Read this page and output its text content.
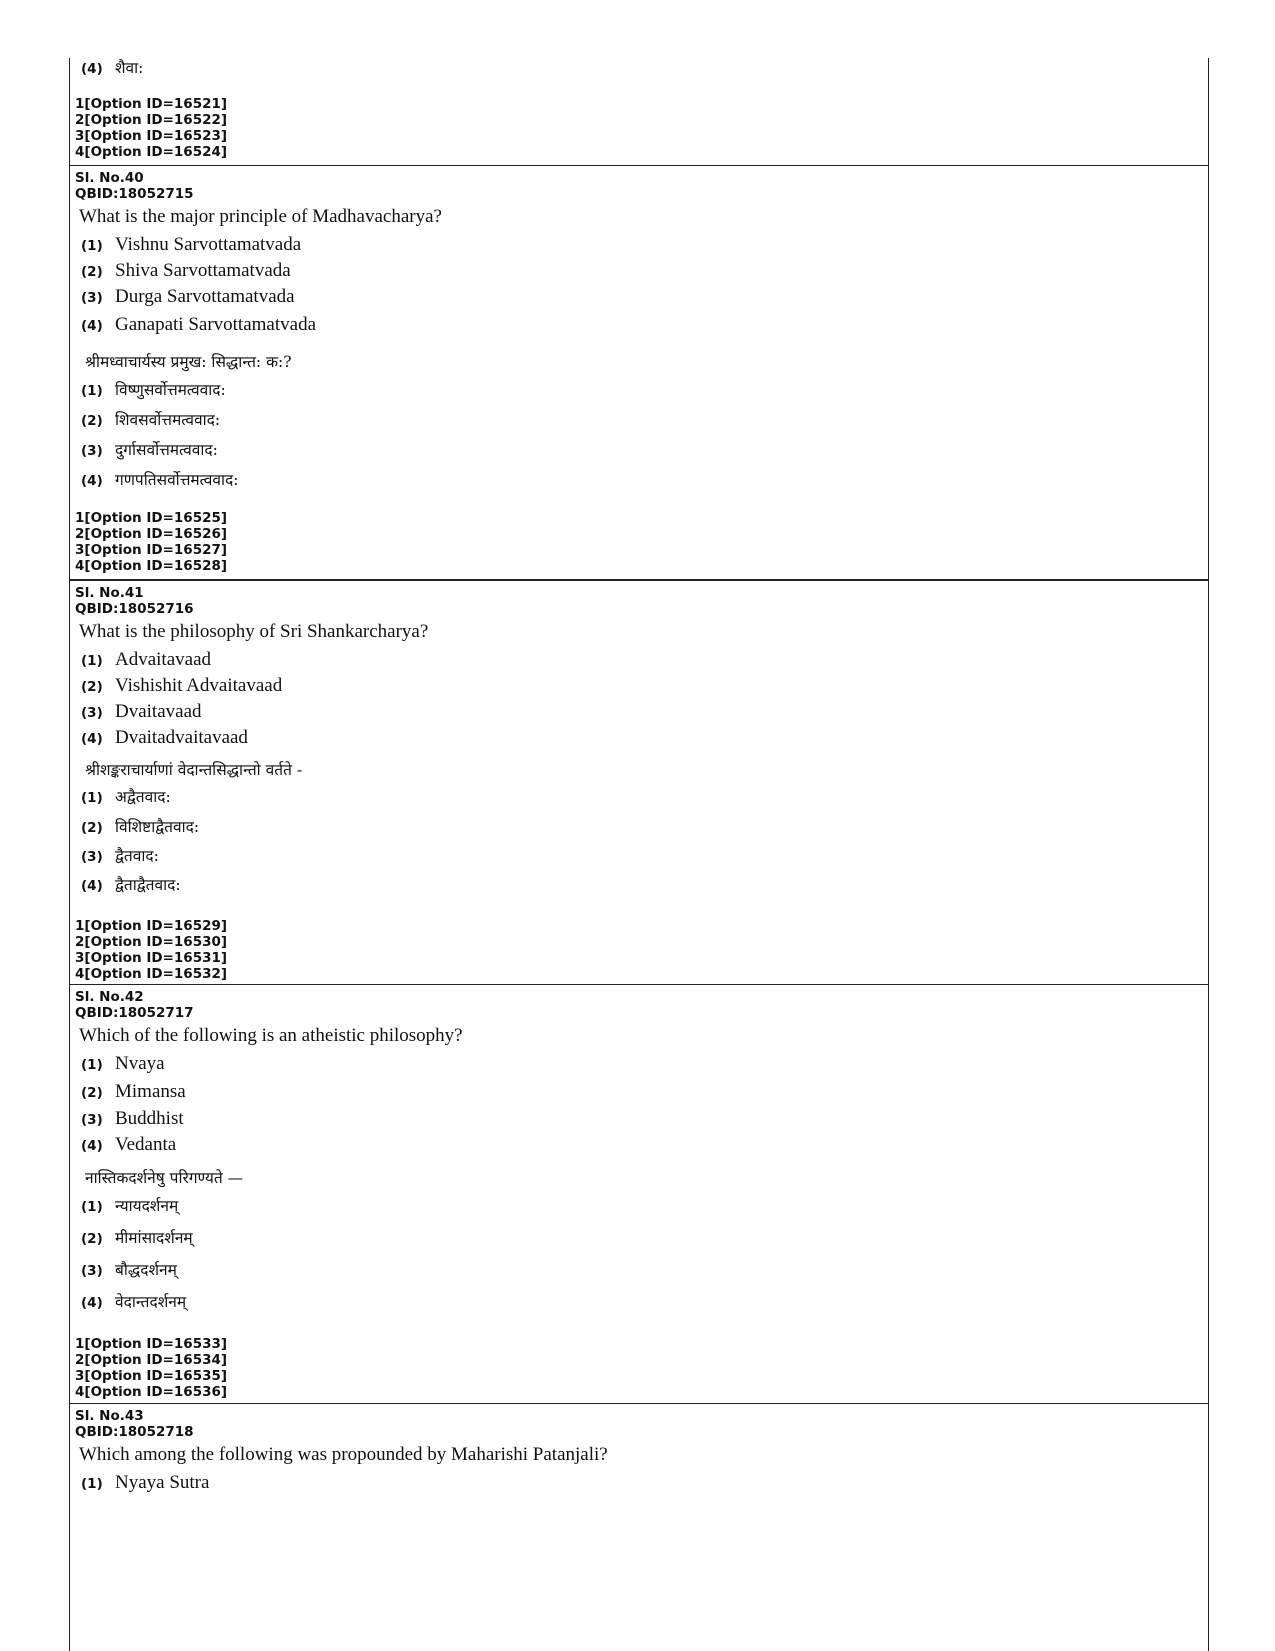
(4) शैवा:

1[Option ID=16521]

2[Option ID=16522]

3[Option ID=16523]

4[Option ID=16524]

Sl. No.40

QBID:18052715

What is the major principle of Madhavacharya?

(1) Vishnu Sarvottamatvada
(2) Shiva Sarvottamatvada
(3) Durga Sarvottamatvada
(4) Ganapati Sarvottamatvada

श्रीमध्वाचार्यस्य प्रमुख: सिद्धान्त: क:?

(1) विष्णुसर्वोत्तमत्ववाद:
(2) शिवसर्वोत्तमत्ववाद:
(3) दुर्गासर्वोत्तमत्ववाद:
(4) गणपतिसर्वोत्तमत्ववाद:

1[Option ID=16525]

2[Option ID=16526]

3[Option ID=16527]

4[Option ID=16528]

Sl. No.41

QBID:18052716

What is the philosophy of Sri Shankarcharya?

(1) Advaitavaad
(2) Vishishit Advaitavaad
(3) Dvaitavaad
(4) Dvaitadvaitavaad

श्रीशङ्कराचार्याणां वेदान्तसिद्धान्तो वर्तते -

(1) अद्वैतवाद:
(2) विशिष्टाद्वैतवाद:
(3) द्वैतवाद:
(4) द्वैताद्वैतवाद:

1[Option ID=16529]

2[Option ID=16530]

3[Option ID=16531]

4[Option ID=16532]

Sl. No.42

QBID:18052717

Which of the following is an atheistic philosophy?

(1) Nvaya
(2) Mimansa
(3) Buddhist
(4) Vedanta

नास्तिकदर्शनेषु परिगण्यते —

(1) न्यायदर्शनम्
(2) मीमांसादर्शनम्
(3) बौद्धदर्शनम्
(4) वेदान्तदर्शनम्

1[Option ID=16533]

2[Option ID=16534]

3[Option ID=16535]

4[Option ID=16536]

Sl. No.43

QBID:18052718

Which among the following was propounded by Maharishi Patanjali?

(1) Nyaya Sutra
